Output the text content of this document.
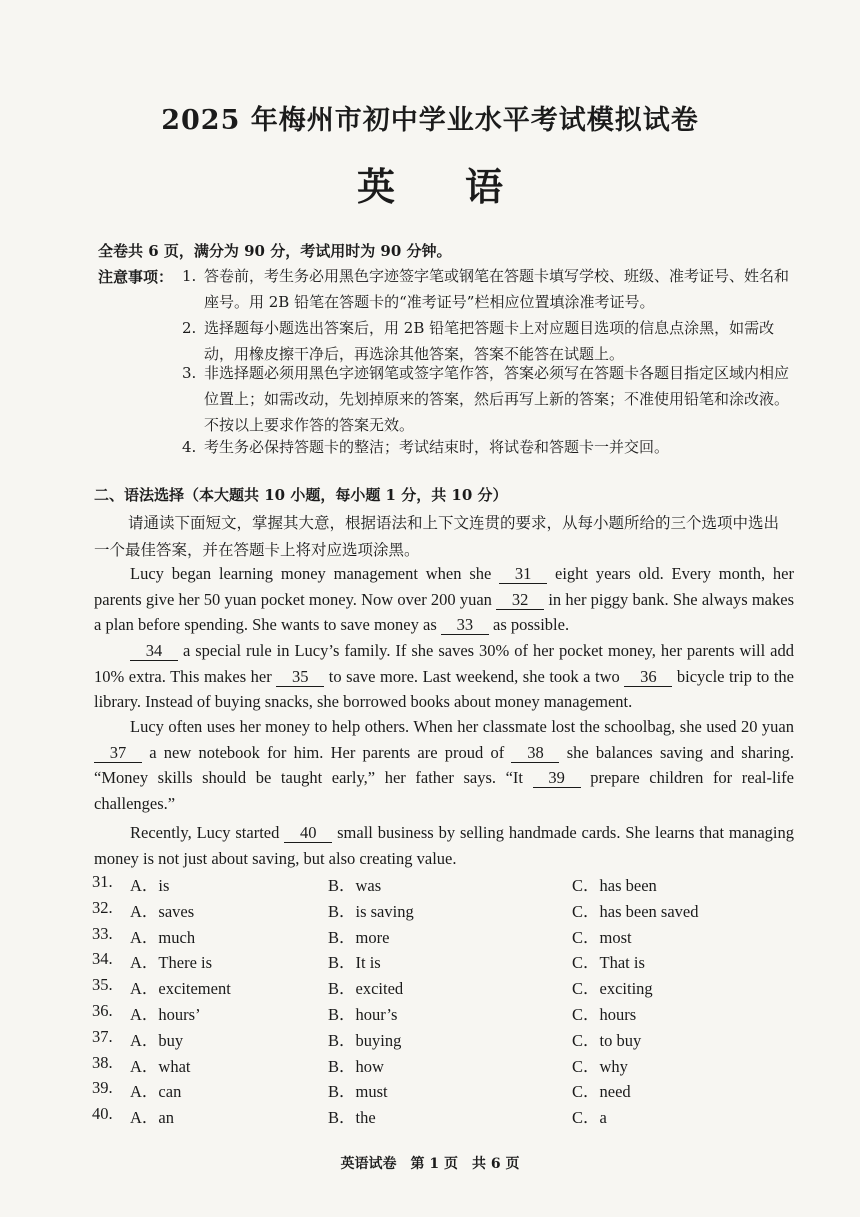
2025 年梅州市初中学业水平考试模拟试卷
英语
全卷共 6 页，满分为 90 分，考试用时为 90 分钟。
注意事项： 1. 答卷前，考生务必用黑色字迹签字笔或钢笔在答题卡填写学校、班级、准考证号、姓名和座号。用 2B 铅笔在答题卡的“准考证号”栏相应位置填涂准考证号。
2. 选择题每小题选出答案后，用 2B 铅笔把答题卡上对应题目选项的信息点涂黑，如需改动，用橡皮擦干净后，再选涂其他答案，答案不能答在试题上。
3. 非选择题必须用黑色字迹钢笔或签字笔作答，答案必须写在答题卡各题目指定区域内相应位置上；如需改动，先划掉原来的答案，然后再写上新的答案；不准使用铅笔和涂改液。不按以上要求作答的答案无效。
4. 考生务必保持答题卡的整洁；考试结束时，将试卷和答题卡一并交回。
二、语法选择（本大题共 10 小题，每小题 1 分，共 10 分）
请通读下面短文，掌握其大意，根据语法和上下文连贯的要求，从每小题所给的三个选项中选出一个最佳答案，并在答题卡上将对应选项涂黑。
Lucy began learning money management when she 31 eight years old. Every month, her parents give her 50 yuan pocket money. Now over 200 yuan 32 in her piggy bank. She always makes a plan before spending. She wants to save money as 33 as possible.
34 a special rule in Lucy’s family. If she saves 30% of her pocket money, her parents will add 10% extra. This makes her 35 to save more. Last weekend, she took a two 36 bicycle trip to the library. Instead of buying snacks, she borrowed books about money management.
Lucy often uses her money to help others. When her classmate lost the schoolbag, she used 20 yuan 37 a new notebook for him. Her parents are proud of 38 she balances saving and sharing. “Money skills should be taught early,” her father says. “It 39 prepare children for real-life challenges.”
Recently, Lucy started 40 small business by selling handmade cards. She learns that managing money is not just about saving, but also creating value.
31. A．is	B．was	C．has been
32. A．saves	B．is saving	C．has been saved
33. A．much	B．more	C．most
34. A．There is	B．It is	C．That is
35. A．excitement	B．excited	C．exciting
36. A．hours’	B．hour’s	C．hours
37. A．buy	B．buying	C．to buy
38. A．what	B．how	C．why
39. A．can	B．must	C．need
40. A．an	B．the	C．a
英语试卷　第 1 页　共 6 页
